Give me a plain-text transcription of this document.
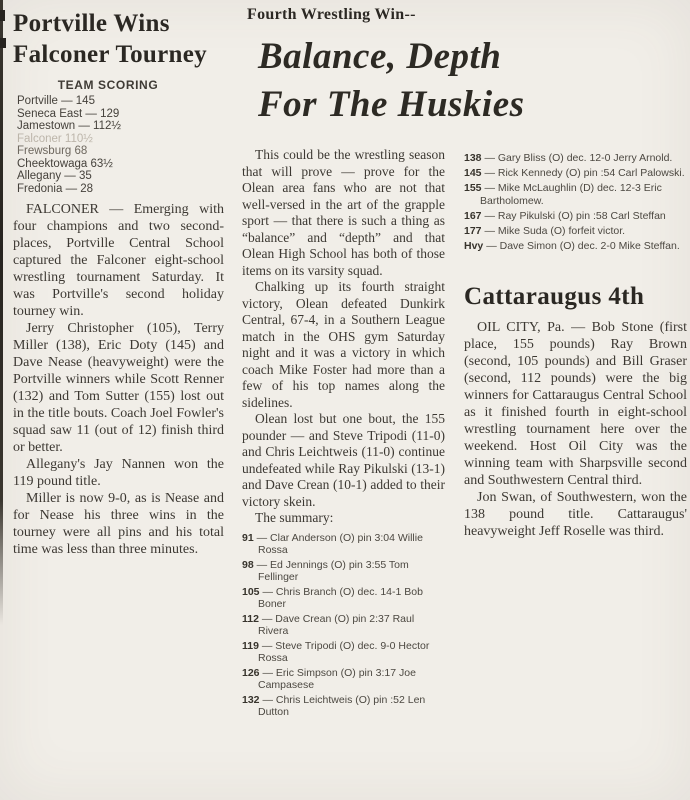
Portville Wins
Falconer Tourney
TEAM SCORING
Portville — 145
Seneca East — 129
Jamestown — 112½
Falconer 110½
Frewsburg 68
Cheektowaga 63½
Allegany — 35
Fredonia — 28

FALCONER — Emerging with four champions and two second-places, Portville Central School captured the Falconer eight-school wrestling tournament Saturday. It was Portville's second holiday tourney win.

Jerry Christopher (105), Terry Miller (138), Eric Doty (145) and Dave Nease (heavyweight) were the Portville winners while Scott Renner (132) and Tom Sutter (155) lost out in the title bouts. Coach Joel Fowler's squad saw 11 (out of 12) finish third or better.

Allegany's Jay Nannen won the 119 pound title.

Miller is now 9-0, as is Nease and for Nease his three wins in the tourney were all pins and his total time was less than three minutes.

Fourth Wrestling Win--
Balance, Depth
For The Huskies

This could be the wrestling season that will prove — prove for the Olean area fans who are not that well-versed in the art of the grapple sport — that there is such a thing as “balance” and “depth” and that Olean High School has both of those items on its varsity squad.

Chalking up its fourth straight victory, Olean defeated Dunkirk Central, 67-4, in a Southern League match in the OHS gym Saturday night and it was a victory in which coach Mike Foster had more than a few of his top names along the sidelines.

Olean lost but one bout, the 155 pounder — and Steve Tripodi (11-0) and Chris Leichtweis (11-0) continue undefeated while Ray Pikulski (13-1) and Dave Crean (10-1) added to their victory skein.

The summary:

91 — Clar Anderson (O) pin 3:04 Willie Rossa
98 — Ed Jennings (O) pin 3:55 Tom Fellinger
105 — Chris Branch (O) dec. 14-1 Bob Boner
112 — Dave Crean (O) pin 2:37 Raul Rivera
119 — Steve Tripodi (O) dec. 9-0 Hector Rossa
126 — Eric Simpson (O) pin 3:17 Joe Campasese
132 — Chris Leichtweis (O) pin :52 Len Dutton
138 — Gary Bliss (O) dec. 12-0 Jerry Arnold.
145 — Rick Kennedy (O) pin :54 Carl Palowski.
155 — Mike McLaughlin (D) dec. 12-3 Eric Bartholomew.
167 — Ray Pikulski (O) pin :58 Carl Steffan
177 — Mike Suda (O) forfeit victor.
Hvy — Dave Simon (O) dec. 2-0 Mike Steffan.
Cattaraugus 4th

OIL CITY, Pa. — Bob Stone (first place, 155 pounds) Ray Brown (second, 105 pounds) and Bill Graser (second, 112 pounds) were the big winners for Cattaraugus Central School as it finished fourth in eight-school wrestling tournament here over the weekend. Host Oil City was the winning team with Sharpsville second and Southwestern Central third.

Jon Swan, of Southwestern, won the 138 pound title. Cattaraugus' heavyweight Jeff Roselle was third.
